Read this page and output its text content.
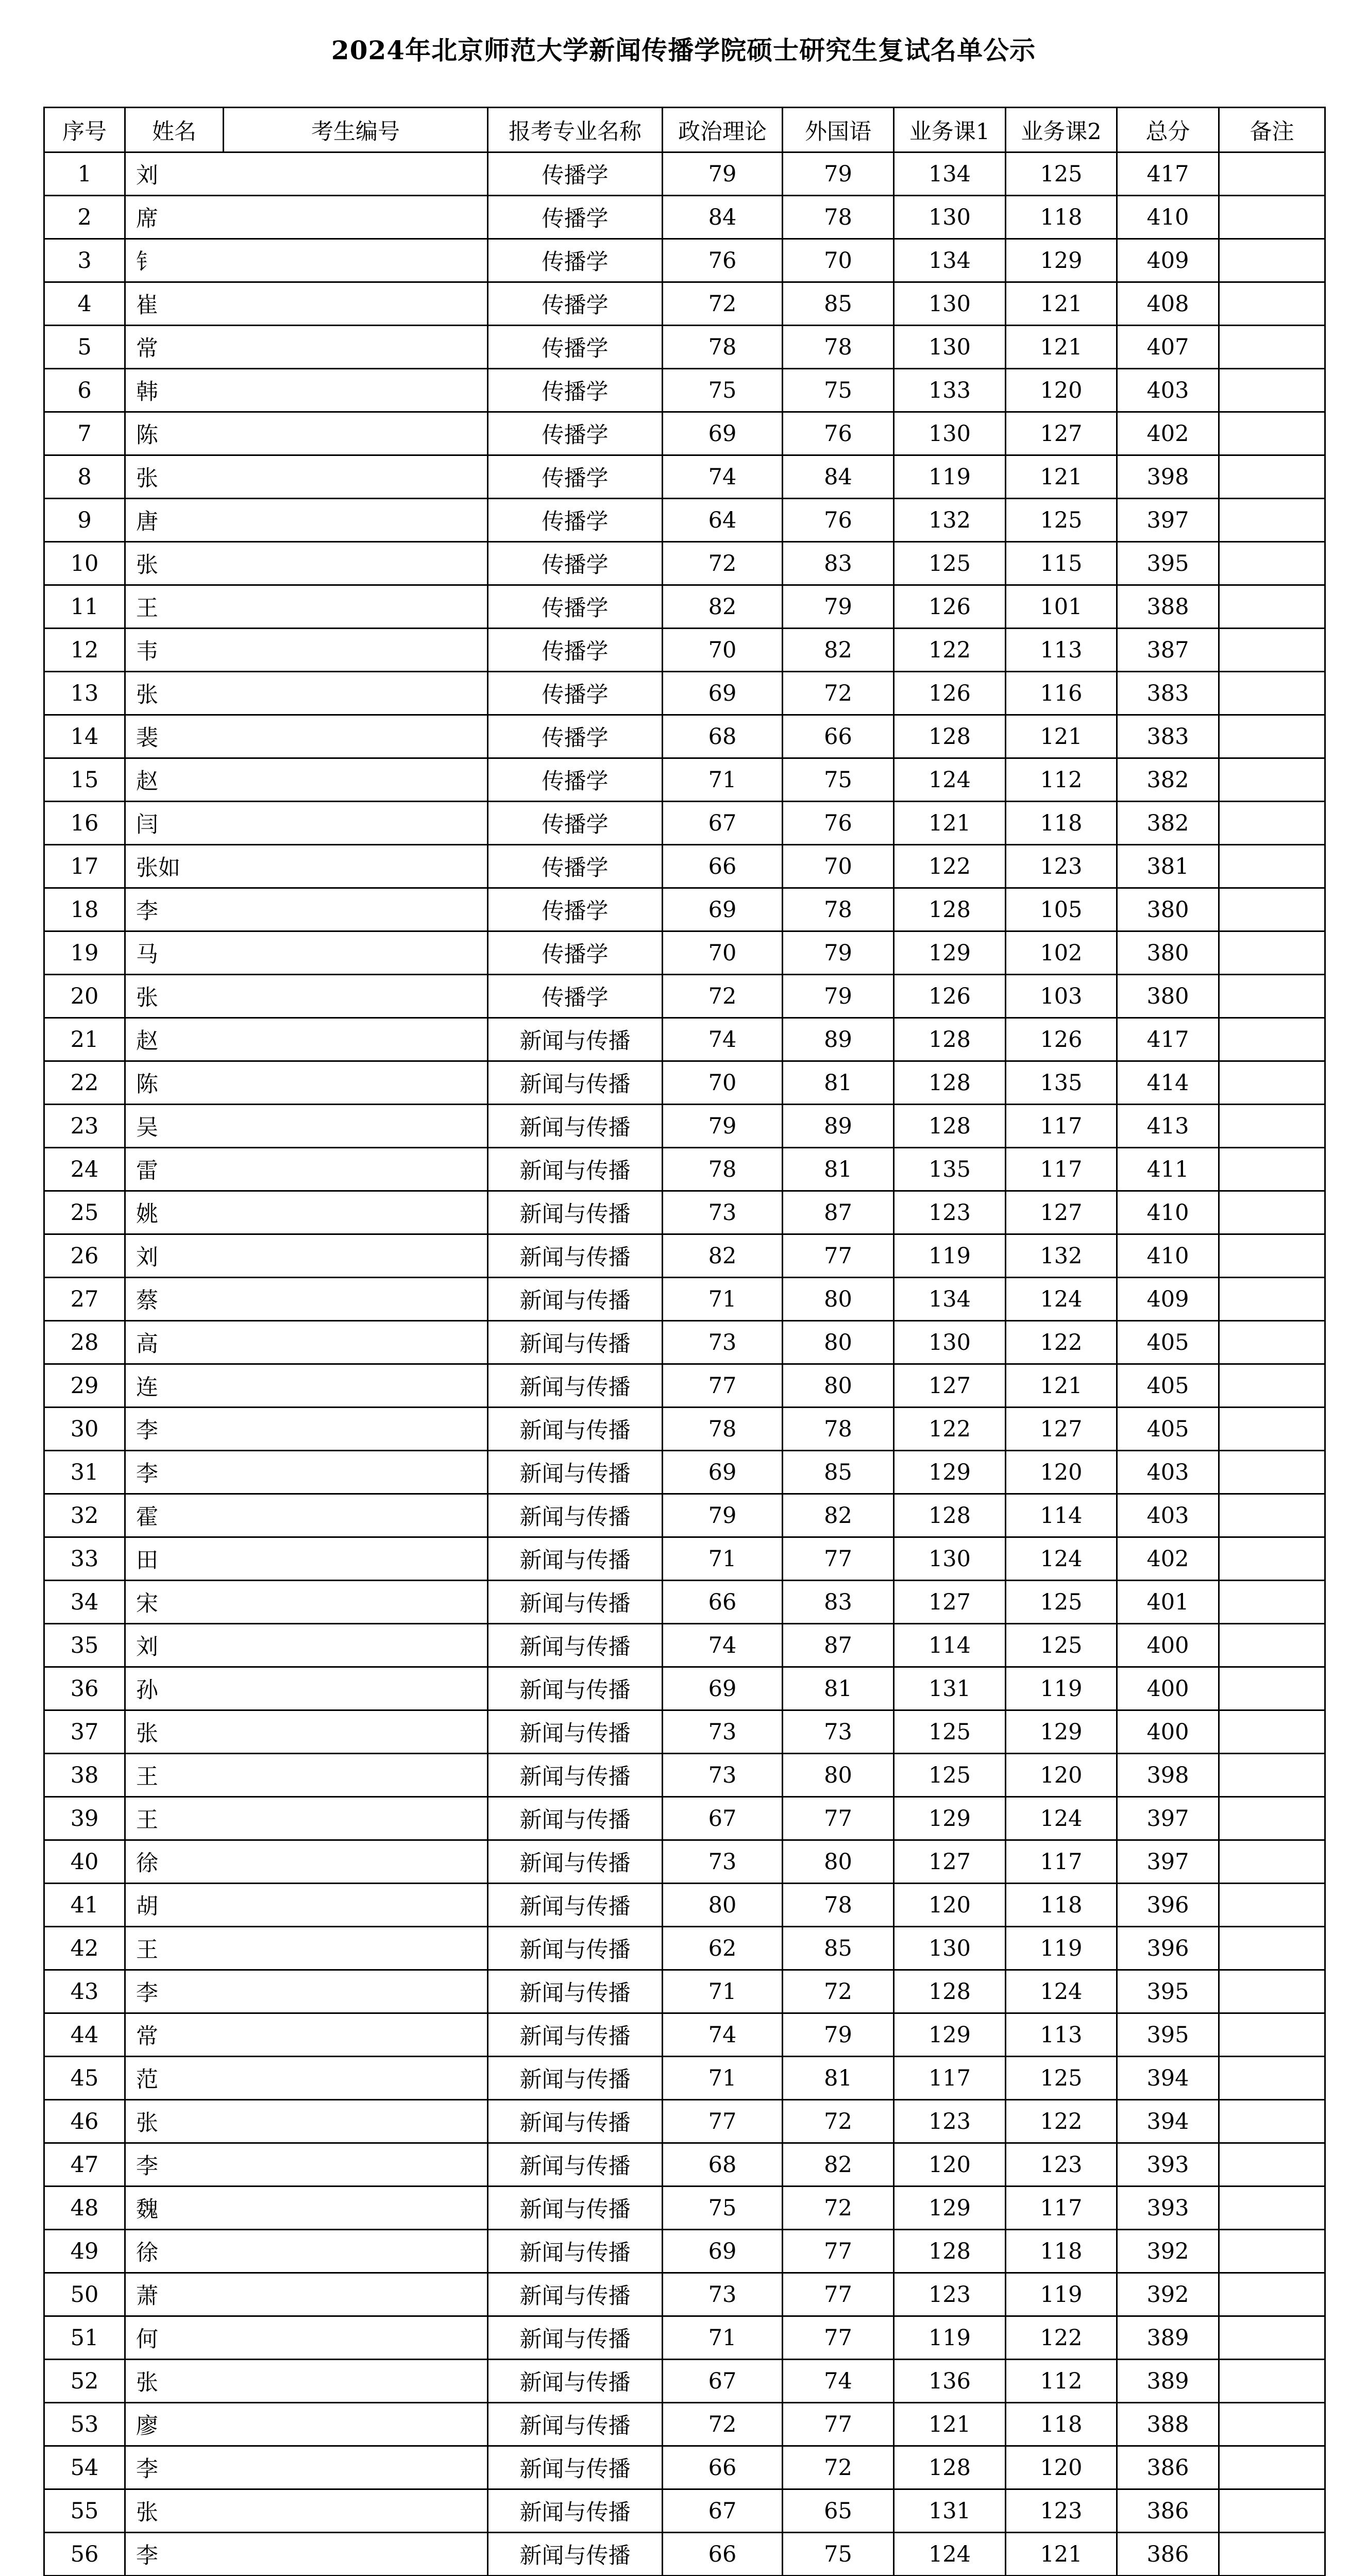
2024年北京师范大学新闻传播学院硕士研究生复试名单公示
序号	姓名	考生编号	报考专业名称	政治理论	外国语	业务课1	业务课2	总分	备注
1	刘		传播学	79	79	134	125	417	
2	席		传播学	84	78	130	118	410	
3	钅		传播学	76	70	134	129	409	
4	崔		传播学	72	85	130	121	408	
5	常		传播学	78	78	130	121	407	
6	韩		传播学	75	75	133	120	403	
7	陈		传播学	69	76	130	127	402	
8	张		传播学	74	84	119	121	398	
9	唐		传播学	64	76	132	125	397	
10	张		传播学	72	83	125	115	395	
11	王		传播学	82	79	126	101	388	
12	韦		传播学	70	82	122	113	387	
13	张		传播学	69	72	126	116	383	
14	裴		传播学	68	66	128	121	383	
15	赵		传播学	71	75	124	112	382	
16	闫		传播学	67	76	121	118	382	
17	张如		传播学	66	70	122	123	381	
18	李		传播学	69	78	128	105	380	
19	马		传播学	70	79	129	102	380	
20	张		传播学	72	79	126	103	380	
21	赵		新闻与传播	74	89	128	126	417	
22	陈		新闻与传播	70	81	128	135	414	
23	吴		新闻与传播	79	89	128	117	413	
24	雷		新闻与传播	78	81	135	117	411	
25	姚		新闻与传播	73	87	123	127	410	
26	刘		新闻与传播	82	77	119	132	410	
27	蔡		新闻与传播	71	80	134	124	409	
28	高		新闻与传播	73	80	130	122	405	
29	连		新闻与传播	77	80	127	121	405	
30	李		新闻与传播	78	78	122	127	405	
31	李		新闻与传播	69	85	129	120	403	
32	霍		新闻与传播	79	82	128	114	403	
33	田		新闻与传播	71	77	130	124	402	
34	宋		新闻与传播	66	83	127	125	401	
35	刘		新闻与传播	74	87	114	125	400	
36	孙		新闻与传播	69	81	131	119	400	
37	张		新闻与传播	73	73	125	129	400	
38	王		新闻与传播	73	80	125	120	398	
39	王		新闻与传播	67	77	129	124	397	
40	徐		新闻与传播	73	80	127	117	397	
41	胡		新闻与传播	80	78	120	118	396	
42	王		新闻与传播	62	85	130	119	396	
43	李		新闻与传播	71	72	128	124	395	
44	常		新闻与传播	74	79	129	113	395	
45	范		新闻与传播	71	81	117	125	394	
46	张		新闻与传播	77	72	123	122	394	
47	李		新闻与传播	68	82	120	123	393	
48	魏		新闻与传播	75	72	129	117	393	
49	徐		新闻与传播	69	77	128	118	392	
50	萧		新闻与传播	73	77	123	119	392	
51	何		新闻与传播	71	77	119	122	389	
52	张		新闻与传播	67	74	136	112	389	
53	廖		新闻与传播	72	77	121	118	388	
54	李		新闻与传播	66	72	128	120	386	
55	张		新闻与传播	67	65	131	123	386	
56	李		新闻与传播	66	75	124	121	386	
